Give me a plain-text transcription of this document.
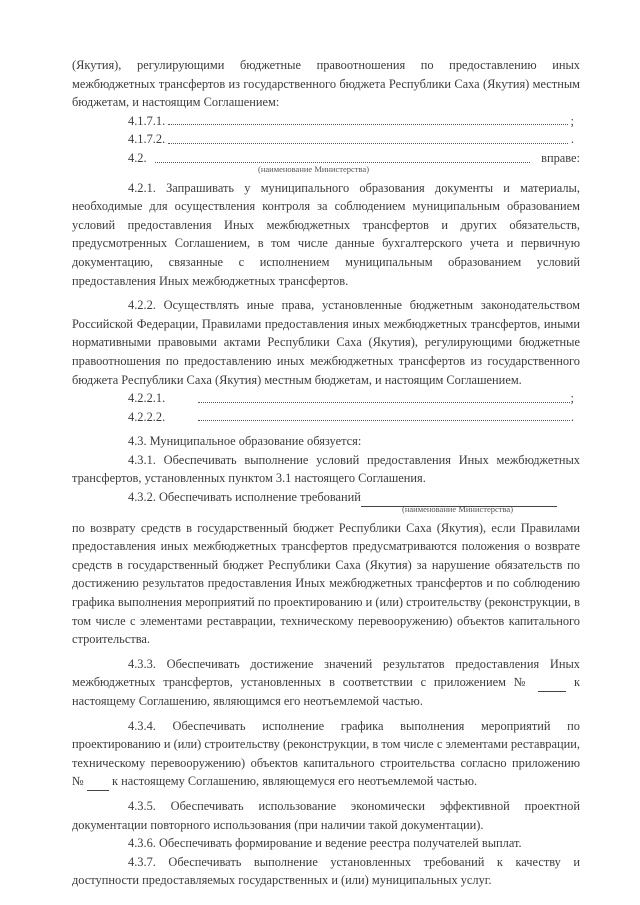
(Якутия), регулирующими бюджетные правоотношения по предоставлению иных межбюджетных трансфертов из государственного бюджета Республики Саха (Якутия) местным бюджетам, и настоящим Соглашением:

4.1.7.1.	;

4.1.7.2.	.

4.2.	вправе:

(наименование Министерства)

4.2.1. Запрашивать у муниципального образования документы и материалы, необходимые для осуществления контроля за соблюдением муниципальным образованием условий предоставления Иных межбюджетных трансфертов и других обязательств, предусмотренных Соглашением, в том числе данные бухгалтерского учета и первичную документацию, связанные с исполнением муниципальным образованием условий предоставления Иных межбюджетных трансфертов.

4.2.2. Осуществлять иные права, установленные бюджетным законодательством Российской Федерации, Правилами предоставления иных межбюджетных трансфертов, иными нормативными правовыми актами Республики Саха (Якутия), регулирующими бюджетные правоотношения по предоставлению иных межбюджетных трансфертов из государственного бюджета Республики Саха (Якутия) местным бюджетам, и настоящим Соглашением.

4.2.2.1.	;

4.2.2.2.	.

4.3. Муниципальное образование обязуется:

4.3.1. Обеспечивать выполнение условий предоставления Иных межбюджетных трансфертов, установленных пунктом 3.1 настоящего Соглашения.

4.3.2. Обеспечивать исполнение требований

(наименование Министерства)

по возврату средств в государственный бюджет Республики Саха (Якутия), если Правилами предоставления иных межбюджетных трансфертов предусматриваются положения о возврате средств в государственный бюджет Республики Саха (Якутия) за нарушение обязательств по достижению результатов предоставления Иных межбюджетных трансфертов и по соблюдению графика выполнения мероприятий по проектированию и (или) строительству (реконструкции, в том числе с элементами реставрации, техническому перевооружению) объектов капитального строительства.

4.3.3. Обеспечивать достижение значений результатов предоставления Иных межбюджетных трансфертов, установленных в соответствии с приложением №	к настоящему Соглашению, являющимся его неотъемлемой частью.

4.3.4. Обеспечивать исполнение графика выполнения мероприятий по проектированию и (или) строительству (реконструкции, в том числе с элементами реставрации, техническому перевооружению) объектов капитального строительства согласно приложению № к настоящему Соглашению, являющемуся его неотъемлемой частью.

4.3.5. Обеспечивать использование экономически эффективной проектной документации повторного использования (при наличии такой документации).

4.3.6. Обеспечивать формирование и ведение реестра получателей выплат.

4.3.7. Обеспечивать выполнение установленных требований к качеству и доступности предоставляемых государственных и (или) муниципальных услуг.
